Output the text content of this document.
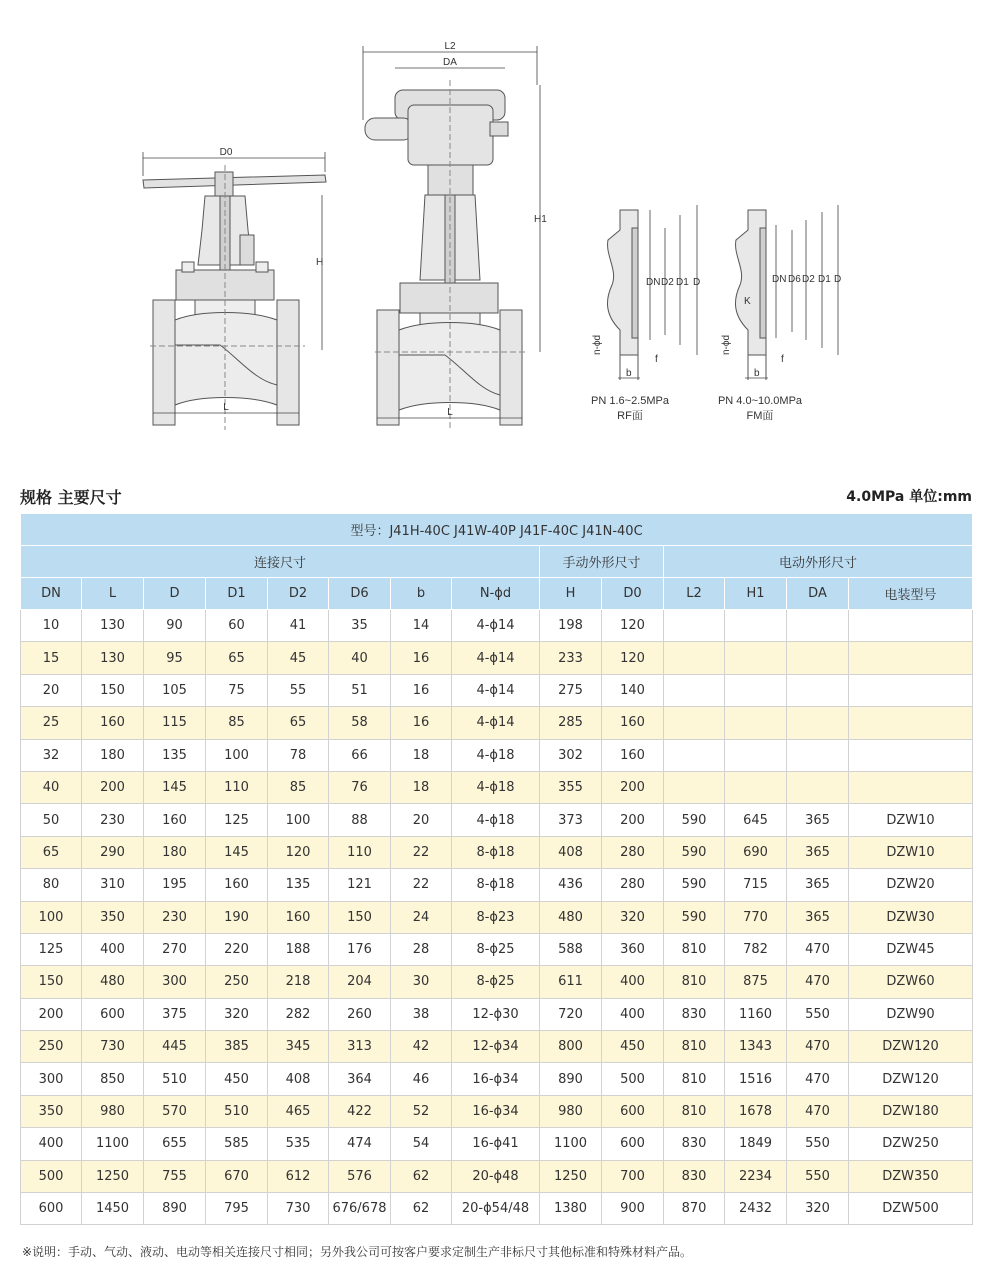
D0
H
L
L2
DA
H1
L
DN D2 D1 D	DN D6 D2 D1 D
K
f	f
b	b
n-ϕd	n-ϕd
PN 1.6~2.5MPa
RF面
PN 4.0~10.0MPa
FM面
规格 主要尺寸	4.0MPa 单位:mm
型号：J41H-40C J41W-40P J41F-40C J41N-40C													
连接尺寸								手动外形尺寸		电动外形尺寸			
DN	L	D	D1	D2	D6	b	N-ϕd	H	D0	L2	H1	DA	电装型号
10	130	90	60	41	35	14	4-ϕ14	198	120				
15	130	95	65	45	40	16	4-ϕ14	233	120				
20	150	105	75	55	51	16	4-ϕ14	275	140				
25	160	115	85	65	58	16	4-ϕ14	285	160				
32	180	135	100	78	66	18	4-ϕ18	302	160				
40	200	145	110	85	76	18	4-ϕ18	355	200				
50	230	160	125	100	88	20	4-ϕ18	373	200	590	645	365	DZW10
65	290	180	145	120	110	22	8-ϕ18	408	280	590	690	365	DZW10
80	310	195	160	135	121	22	8-ϕ18	436	280	590	715	365	DZW20
100	350	230	190	160	150	24	8-ϕ23	480	320	590	770	365	DZW30
125	400	270	220	188	176	28	8-ϕ25	588	360	810	782	470	DZW45
150	480	300	250	218	204	30	8-ϕ25	611	400	810	875	470	DZW60
200	600	375	320	282	260	38	12-ϕ30	720	400	830	1160	550	DZW90
250	730	445	385	345	313	42	12-ϕ34	800	450	810	1343	470	DZW120
300	850	510	450	408	364	46	16-ϕ34	890	500	810	1516	470	DZW120
350	980	570	510	465	422	52	16-ϕ34	980	600	810	1678	470	DZW180
400	1100	655	585	535	474	54	16-ϕ41	1100	600	830	1849	550	DZW250
500	1250	755	670	612	576	62	20-ϕ48	1250	700	830	2234	550	DZW350
600	1450	890	795	730	676/678	62	20-ϕ54/48	1380	900	870	2432	320	DZW500
※说明：手动、气动、液动、电动等相关连接尺寸相同；另外我公司可按客户要求定制生产非标尺寸其他标准和特殊材料产品。
